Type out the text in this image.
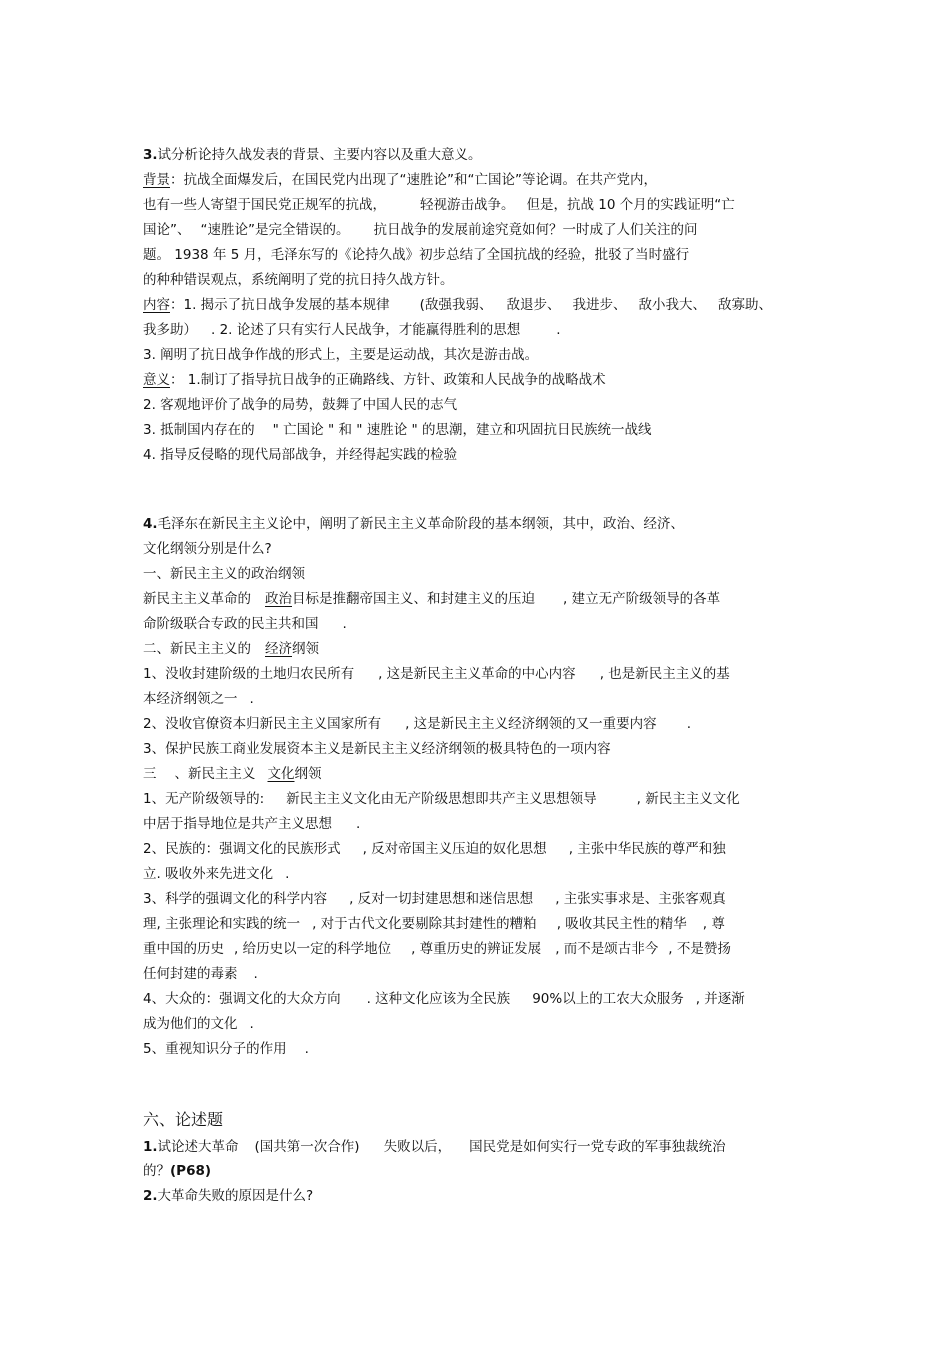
3.试分析论持久战发表的背景、主要内容以及重大意义。
背景：抗战全面爆发后，在国民党内出现了“速胜论”和“亡国论”等论调。在共产党内，
也有一些人寄望于国民党正规军的抗战，	轻视游击战争。 但是，抗战 10 个月的实践证明“亡
国论”、 “速胜论”是完全错误的。 抗日战争的发展前途究竟如何？一时成了人们关注的问
题。 1938 年 5 月，毛泽东写的《论持久战》初步总结了全国抗战的经验，批驳了当时盛行
的种种错误观点，系统阐明了党的抗日持久战方针。
内容：1. 揭示了抗日战争发展的基本规律 (敌强我弱、 敌退步、 我进步、 敌小我大、 敌寡助、
我多助） . 2. 论述了只有实行人民战争，才能赢得胜利的思想	.
3. 阐明了抗日战争作战的形式上，主要是运动战，其次是游击战。
意义： 1.制订了指导抗日战争的正确路线、方针、政策和人民战争的战略战术
2. 客观地评价了战争的局势，鼓舞了中国人民的志气
3. 抵制国内存在的 " 亡国论 " 和 " 速胜论 " 的思潮，建立和巩固抗日民族统一战线
4. 指导反侵略的现代局部战争，并经得起实践的检验
4.毛泽东在新民主主义论中，阐明了新民主主义革命阶段的基本纲领，其中，政治、经济、
文化纲领分别是什么?
一、新民主主义的政治纲领
新民主主义革命的 政治目标是推翻帝国主义、和封建主义的压迫 , 建立无产阶级领导的各革
命阶级联合专政的民主共和国 .
二、新民主主义的 经济纲领
1、没收封建阶级的土地归农民所有 , 这是新民主主义革命的中心内容 , 也是新民主主义的基
本经济纲领之一 .
2、没收官僚资本归新民主主义国家所有 , 这是新民主主义经济纲领的又一重要内容 .
3、保护民族工商业发展资本主义是新民主主义经济纲领的极具特色的一项内容
三 、新民主主义 文化纲领
1、无产阶级领导的: 新民主主义文化由无产阶级思想即共产主义思想领导	, 新民主主义文化
中居于指导地位是共产主义思想 .
2、民族的：强调文化的民族形式 , 反对帝国主义压迫的奴化思想 , 主张中华民族的尊严和独
立. 吸收外来先进文化 .
3、科学的强调文化的科学内容 , 反对一切封建思想和迷信思想 , 主张实事求是、主张客观真
理, 主张理论和实践的统一 , 对于古代文化要剔除其封建性的糟粕 , 吸收其民主性的精华 , 尊
重中国的历史 , 给历史以一定的科学地位 , 尊重历史的辨证发展 , 而不是颂古非今 , 不是赞扬
任何封建的毒素 .
4、大众的：强调文化的大众方向 . 这种文化应该为全民族 90%以上的工农大众服务 , 并逐渐
成为他们的文化 .
5、重视知识分子的作用 .
六、论述题
1.试论述大革命 (国共第一次合作) 失败以后， 国民党是如何实行一党专政的军事独裁统治
的？(P68)
2.大革命失败的原因是什么?
